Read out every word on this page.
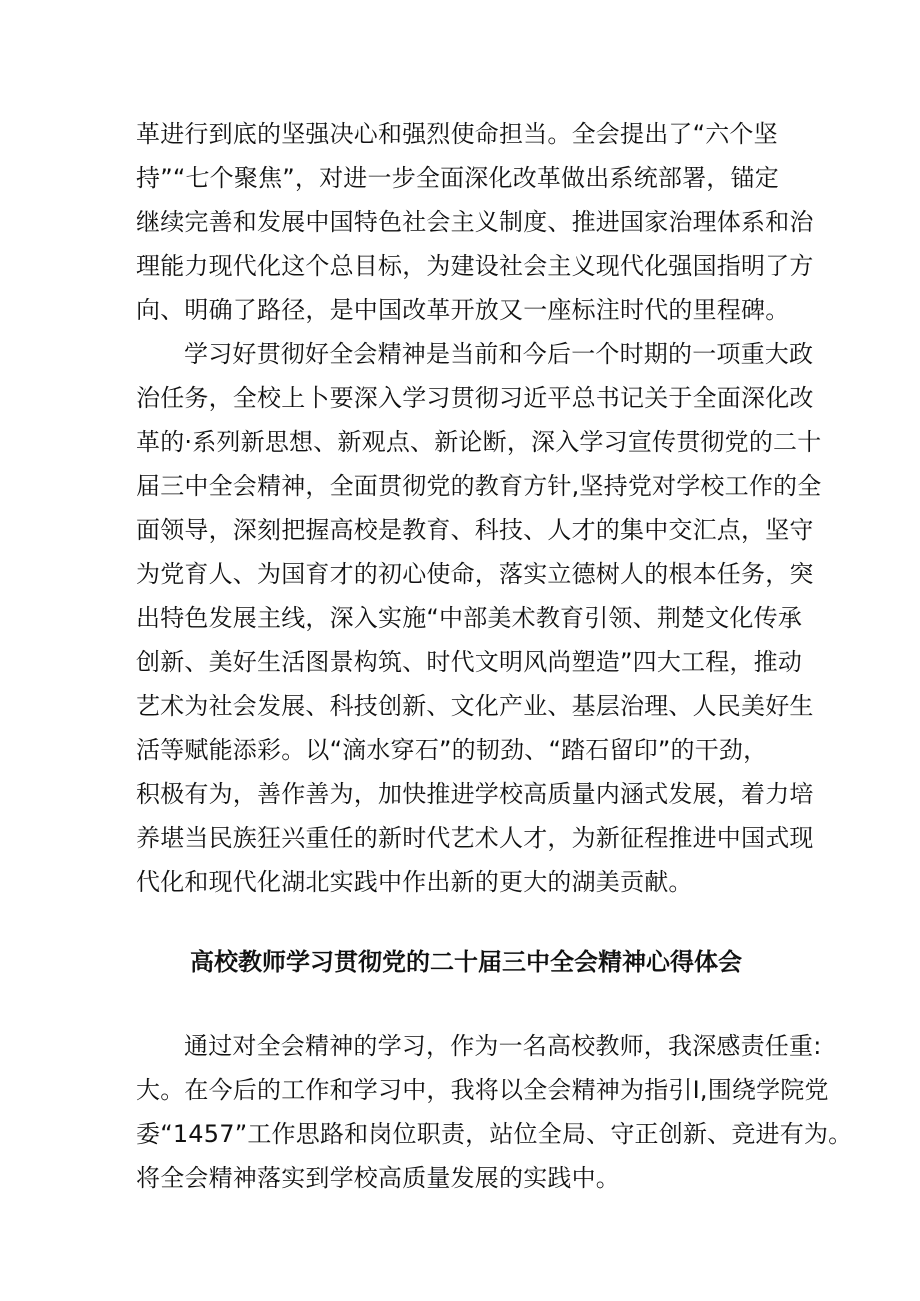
革进行到底的坚强决心和强烈使命担当。全会提出了“六个坚
持”“七个聚焦”，对进一步全面深化改革做出系统部署，锚定
继续完善和发展中国特色社会主义制度、推进国家治理体系和治
理能力现代化这个总目标，为建设社会主义现代化强国指明了方
向、明确了路径，是中国改革开放又一座标注时代的里程碑。
学习好贯彻好全会精神是当前和今后一个时期的一项重大政
治任务，全校上卜要深入学习贯彻习近平总书记关于全面深化改
革的·系列新思想、新观点、新论断，深入学习宣传贯彻党的二十
届三中全会精神，全面贯彻党的教育方针,坚持党对学校工作的全
面领导，深刻把握高校是教育、科技、人才的集中交汇点，坚守
为党育人、为国育才的初心使命，落实立德树人的根本任务，突
出特色发展主线，深入实施“中部美术教育引领、荆楚文化传承
创新、美好生活图景构筑、时代文明风尚塑造”四大工程，推动
艺术为社会发展、科技创新、文化产业、基层治理、人民美好生
活等赋能添彩。以“滴水穿石”的韧劲、“踏石留印”的干劲，
积极有为，善作善为，加快推进学校高质量内涵式发展，着力培
养堪当民族狂兴重任的新时代艺术人才，为新征程推进中国式现
代化和现代化湖北实践中作出新的更大的湖美贡献。
高校教师学习贯彻党的二十届三中全会精神心得体会
通过对全会精神的学习，作为一名高校教师，我深感责任重:
大。在今后的工作和学习中，我将以全会精神为指引I,围绕学院党
委“1457”工作思路和岗位职责，站位全局、守正创新、竞进有为。
将全会精神落实到学校高质量发展的实践中。
